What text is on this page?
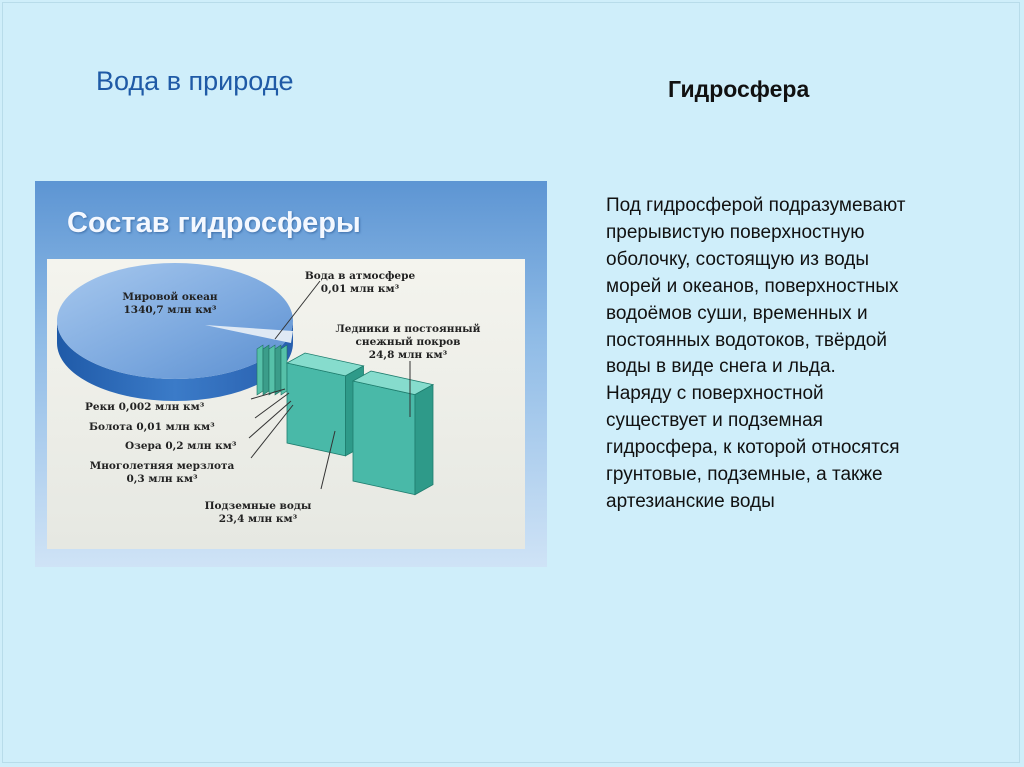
Вода в природе	Гидросфера
Мировой океан
1340,7 млн км³
Вода в атмосфере
0,01 млн км³
Ледники и постоянный
снежный покров
24,8 млн км³
Реки 0,002 млн км³
Болота 0,01 млн км³
Озера 0,2 млн км³
Многолетняя мерзлота
0,3 млн км³
Подземные воды
23,4 млн км³
Состав гидросферы
Под гидросферой подразумевают
прерывистую поверхностную
оболочку, состоящую из воды
морей и океанов, поверхностных
водоёмов суши, временных и
постоянных водотоков, твёрдой
воды в виде снега и льда.
Наряду с поверхностной
существует и подземная
гидросфера, к которой относятся
грунтовые, подземные, а также
артезианские воды
